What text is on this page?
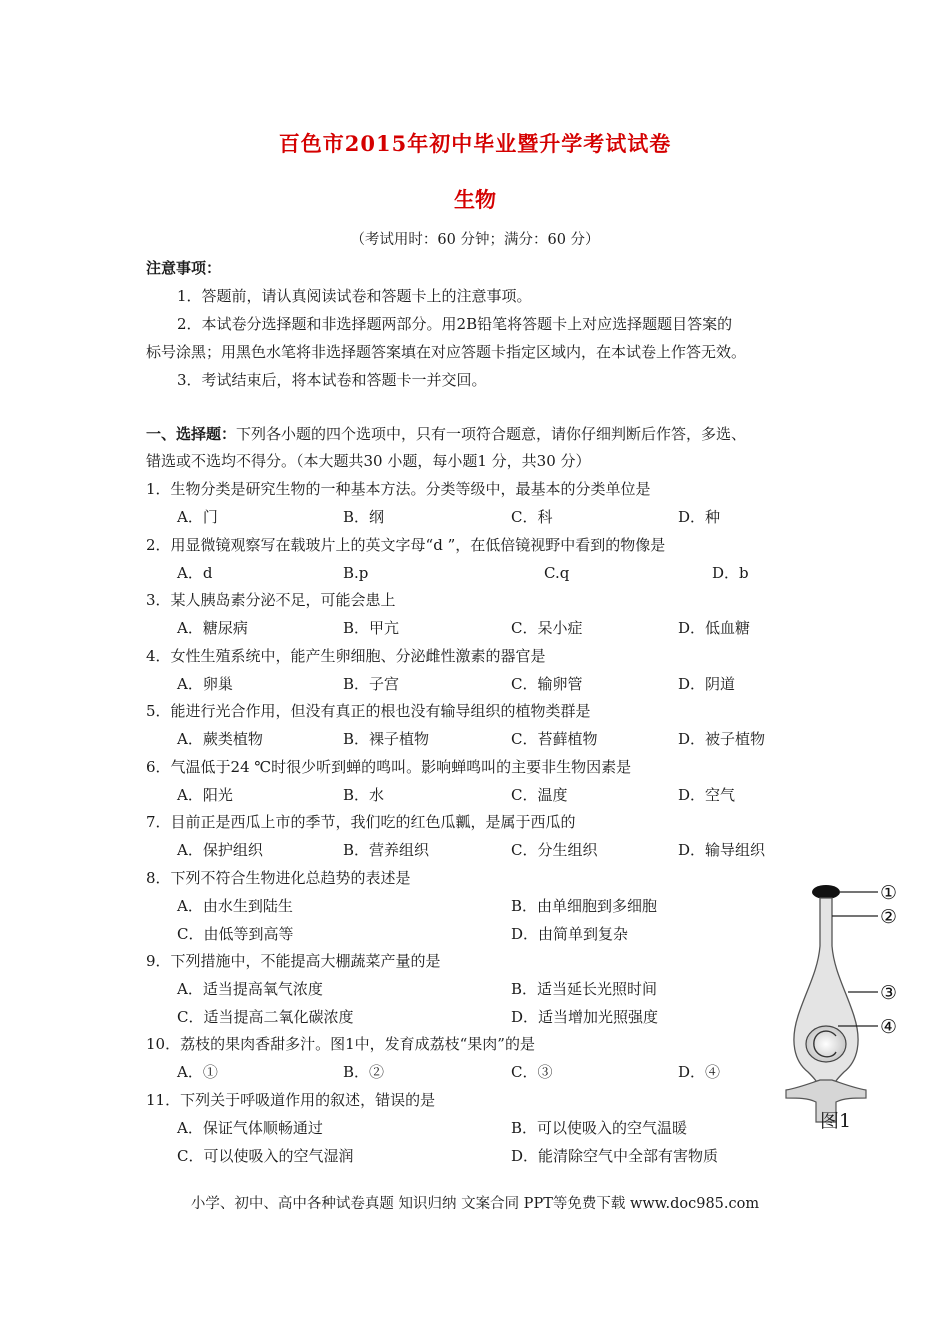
百色市2015年初中毕业暨升学考试试卷
生物
（考试用时：60 分钟；满分：60 分）
注意事项：
1．答题前，请认真阅读试卷和答题卡上的注意事项。
2．本试卷分选择题和非选择题两部分。用2B铅笔将答题卡上对应选择题题目答案的
标号涂黑；用黑色水笔将非选择题答案填在对应答题卡指定区域内，在本试卷上作答无效。
3．考试结束后，将本试卷和答题卡一并交回。
一、选择题：下列各小题的四个选项中，只有一项符合题意，请你仔细判断后作答，多选、
错选或不选均不得分。（本大题共30 小题，每小题1 分，共30 分）
1．生物分类是研究生物的一种基本方法。分类等级中，最基本的分类单位是
A．门	B．纲	C．科	D．种
2．用显微镜观察写在载玻片上的英文字母“d ”，在低倍镜视野中看到的物像是
A．d	B.p	C.q	D．b
3．某人胰岛素分泌不足，可能会患上
A．糖尿病	B．甲亢	C．呆小症	D．低血糖
4．女性生殖系统中，能产生卵细胞、分泌雌性激素的器官是
A．卵巢	B．子宫	C．输卵管	D．阴道
5．能进行光合作用，但没有真正的根也没有输导组织的植物类群是
A．蕨类植物	B．裸子植物	C．苔藓植物	D．被子植物
6．气温低于24 ℃时很少听到蝉的鸣叫。影响蝉鸣叫的主要非生物因素是
A．阳光	B．水	C．温度	D．空气
7．目前正是西瓜上市的季节，我们吃的红色瓜瓤，是属于西瓜的
A．保护组织	B．营养组织	C．分生组织	D．输导组织
8．下列不符合生物进化总趋势的表述是
A．由水生到陆生	B．由单细胞到多细胞
C．由低等到高等	D．由简单到复杂
9．下列措施中，不能提高大棚蔬菜产量的是
A．适当提高氧气浓度	B．适当延长光照时间
C．适当提高二氧化碳浓度	D．适当增加光照强度
10．荔枝的果肉香甜多汁。图1中，发育成荔枝“果肉”的是
A．①	B．②	C．③	D．④
11．下列关于呼吸道作用的叙述，错误的是
A．保证气体顺畅通过	B．可以使吸入的空气温暖
C．可以使吸入的空气湿润	D．能清除空气中全部有害物质
①
②
③
④
图1
小学、初中、高中各种试卷真题 知识归纳 文案合同 PPT等免费下载 www.doc985.com
